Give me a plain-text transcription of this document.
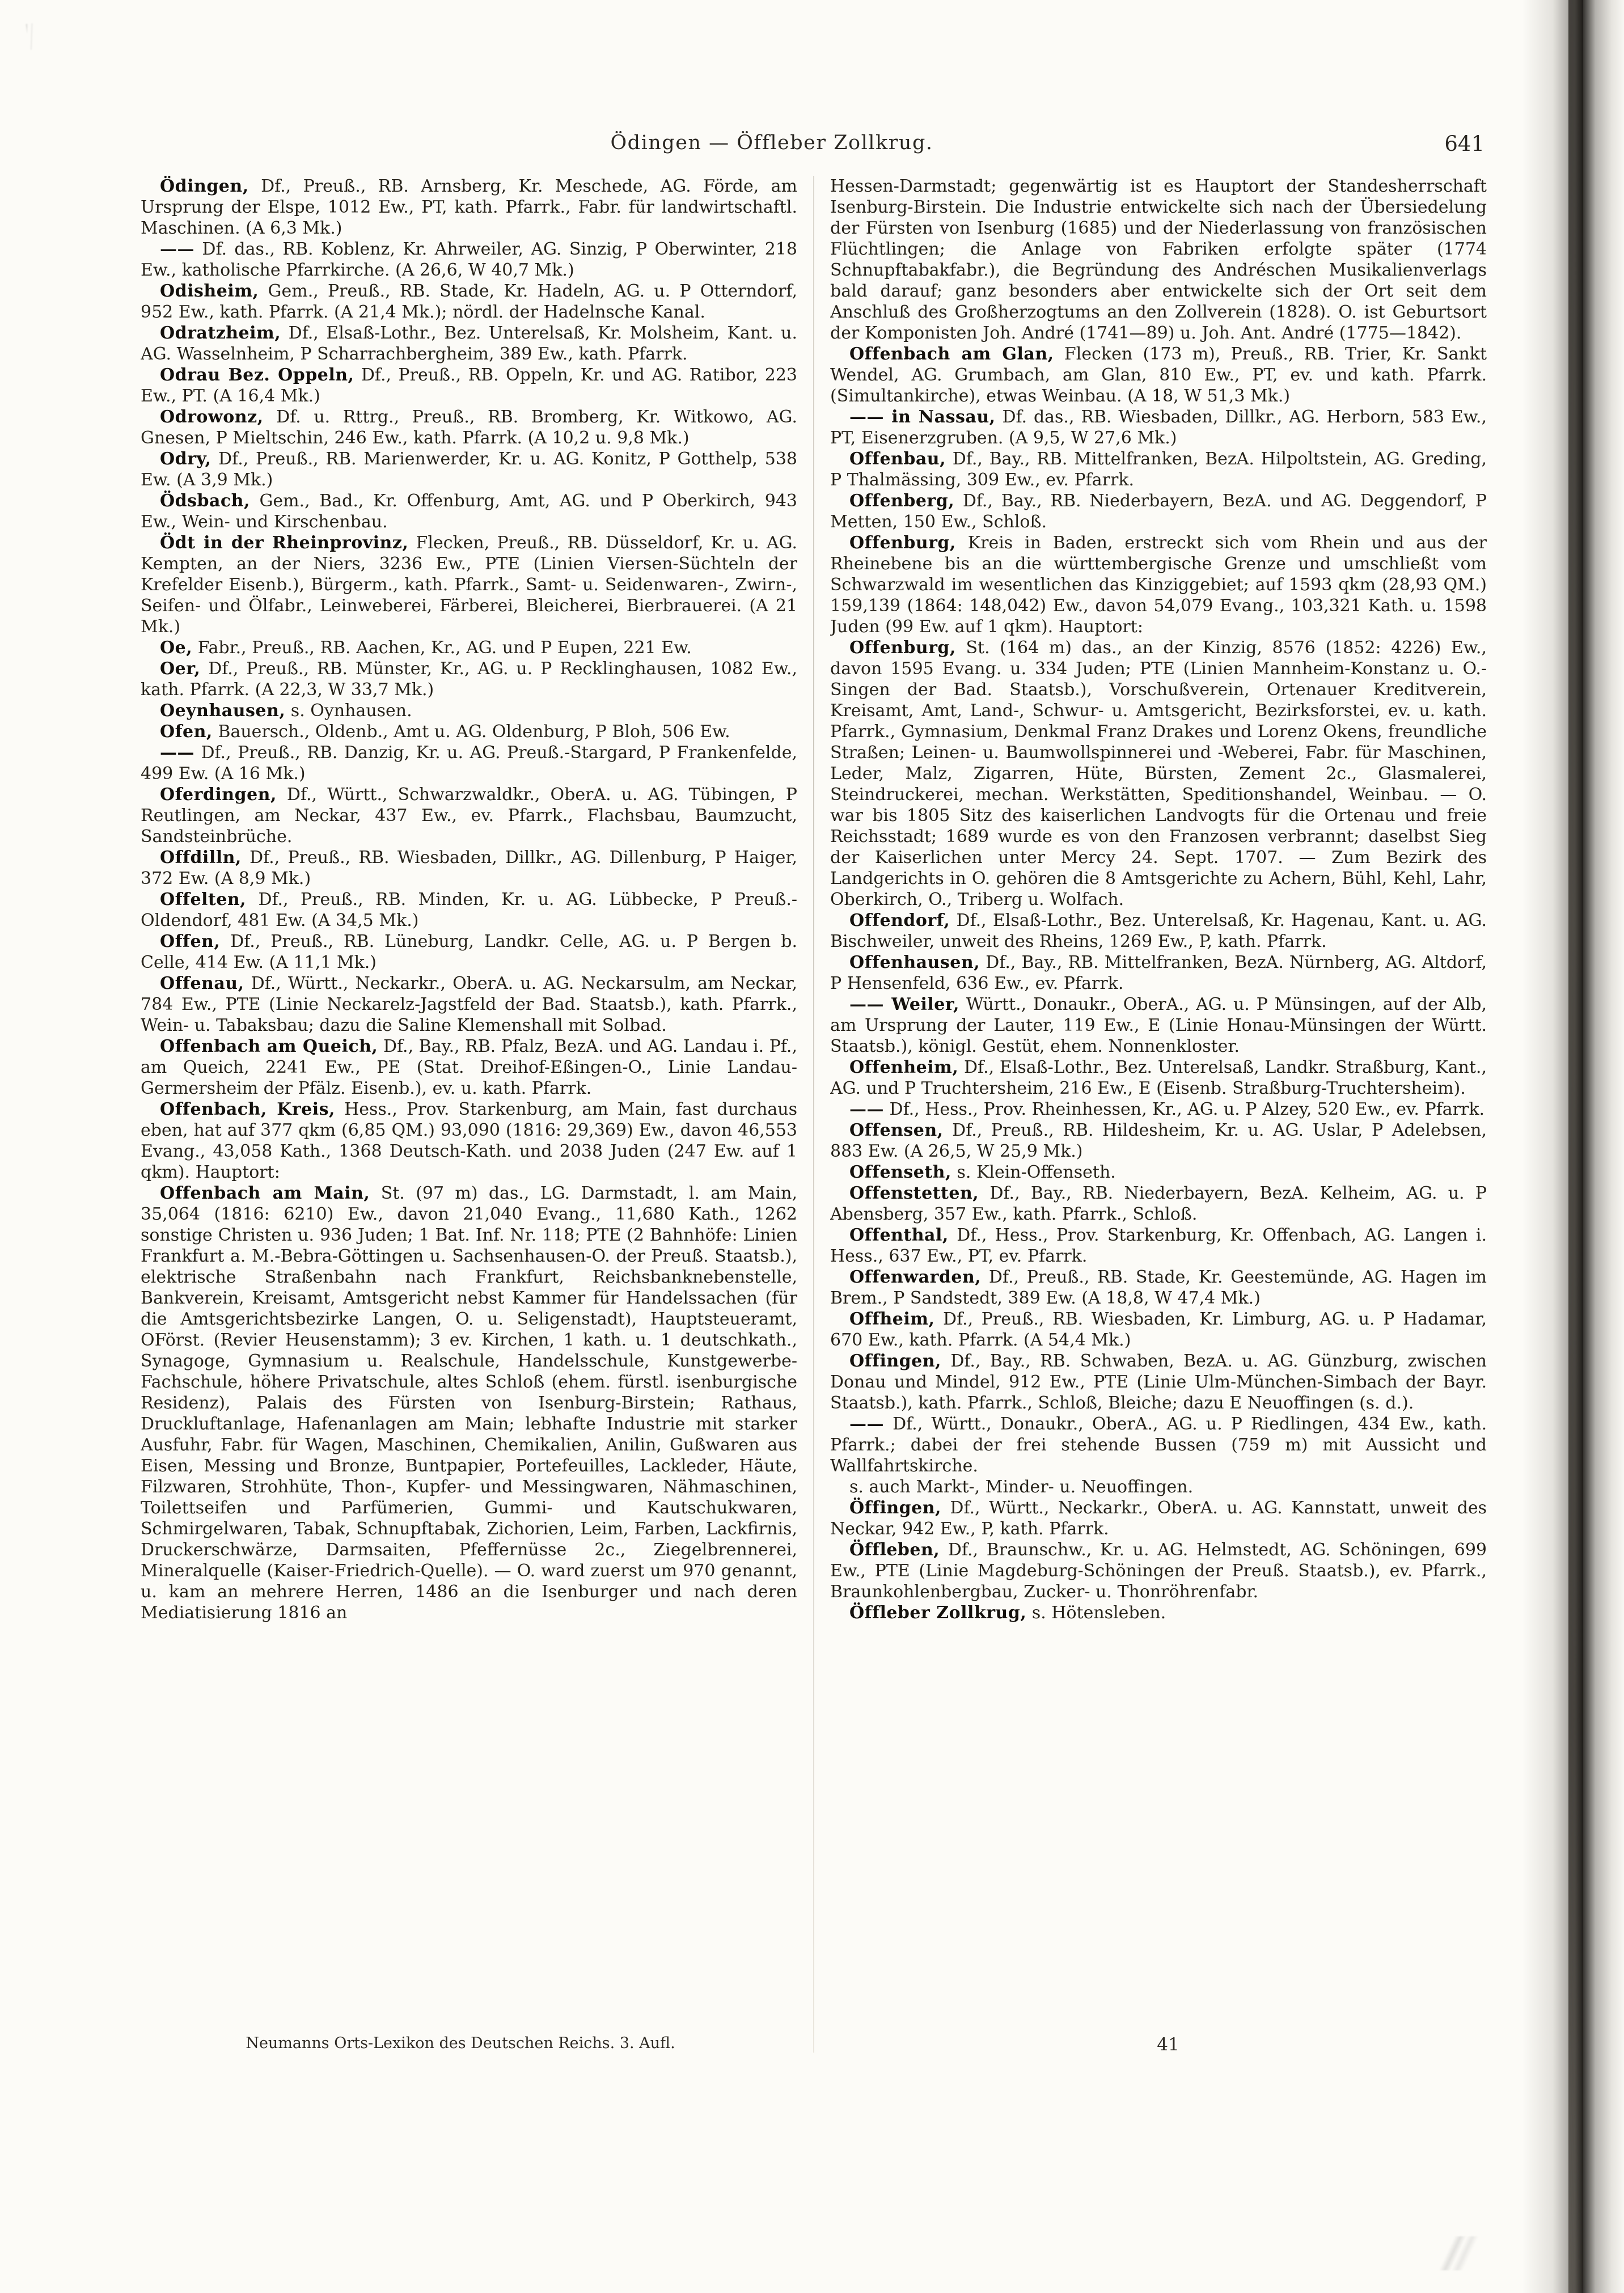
Ödingen — Öffleber Zollkrug.	641

Ödingen, Df., Preuß., RB. Arnsberg, Kr. Meschede, AG. Förde, am Ursprung der Elspe, 1012 Ew., PT, kath. Pfarrk., Fabr. für landwirtschaftl. Maschinen. (A 6,3 Mk.)

—— Df. das., RB. Koblenz, Kr. Ahrweiler, AG. Sinzig, P Oberwinter, 218 Ew., katholische Pfarrkirche. (A 26,6, W 40,7 Mk.)

Odisheim, Gem., Preuß., RB. Stade, Kr. Hadeln, AG. u. P Otterndorf, 952 Ew., kath. Pfarrk. (A 21,4 Mk.); nördl. der Hadelnsche Kanal.

Odratzheim, Df., Elsaß-Lothr., Bez. Unterelsaß, Kr. Molsheim, Kant. u. AG. Wasselnheim, P Scharrachbergheim, 389 Ew., kath. Pfarrk.

Odrau Bez. Oppeln, Df., Preuß., RB. Oppeln, Kr. und AG. Ratibor, 223 Ew., PT. (A 16,4 Mk.)

Odrowonz, Df. u. Rttrg., Preuß., RB. Bromberg, Kr. Witkowo, AG. Gnesen, P Mieltschin, 246 Ew., kath. Pfarrk. (A 10,2 u. 9,8 Mk.)

Odry, Df., Preuß., RB. Marienwerder, Kr. u. AG. Konitz, P Gotthelp, 538 Ew. (A 3,9 Mk.)

Ödsbach, Gem., Bad., Kr. Offenburg, Amt, AG. und P Oberkirch, 943 Ew., Wein- und Kirschenbau.

Ödt in der Rheinprovinz, Flecken, Preuß., RB. Düsseldorf, Kr. u. AG. Kempten, an der Niers, 3236 Ew., PTE (Linien Viersen-Süchteln der Krefelder Eisenb.), Bürgerm., kath. Pfarrk., Samt- u. Seidenwaren-, Zwirn-, Seifen- und Ölfabr., Leinweberei, Färberei, Bleicherei, Bierbrauerei. (A 21 Mk.)

Oe, Fabr., Preuß., RB. Aachen, Kr., AG. und P Eupen, 221 Ew.

Oer, Df., Preuß., RB. Münster, Kr., AG. u. P Recklinghausen, 1082 Ew., kath. Pfarrk. (A 22,3, W 33,7 Mk.)

Oeynhausen, s. Oynhausen.

Ofen, Bauersch., Oldenb., Amt u. AG. Oldenburg, P Bloh, 506 Ew.

—— Df., Preuß., RB. Danzig, Kr. u. AG. Preuß.-Stargard, P Frankenfelde, 499 Ew. (A 16 Mk.)

Oferdingen, Df., Württ., Schwarzwaldkr., OberA. u. AG. Tübingen, P Reutlingen, am Neckar, 437 Ew., ev. Pfarrk., Flachsbau, Baumzucht, Sandsteinbrüche.

Offdilln, Df., Preuß., RB. Wiesbaden, Dillkr., AG. Dillenburg, P Haiger, 372 Ew. (A 8,9 Mk.)

Offelten, Df., Preuß., RB. Minden, Kr. u. AG. Lübbecke, P Preuß.-Oldendorf, 481 Ew. (A 34,5 Mk.)

Offen, Df., Preuß., RB. Lüneburg, Landkr. Celle, AG. u. P Bergen b. Celle, 414 Ew. (A 11,1 Mk.)

Offenau, Df., Württ., Neckarkr., OberA. u. AG. Neckarsulm, am Neckar, 784 Ew., PTE (Linie Neckarelz-Jagstfeld der Bad. Staatsb.), kath. Pfarrk., Wein- u. Tabaksbau; dazu die Saline Klemenshall mit Solbad.

Offenbach am Queich, Df., Bay., RB. Pfalz, BezA. und AG. Landau i. Pf., am Queich, 2241 Ew., PE (Stat. Dreihof-Eßingen-O., Linie Landau-Germersheim der Pfälz. Eisenb.), ev. u. kath. Pfarrk.

Offenbach, Kreis, Hess., Prov. Starkenburg, am Main, fast durchaus eben, hat auf 377 qkm (6,85 QM.) 93,090 (1816: 29,369) Ew., davon 46,553 Evang., 43,058 Kath., 1368 Deutsch-Kath. und 2038 Juden (247 Ew. auf 1 qkm). Hauptort:

Offenbach am Main, St. (97 m) das., LG. Darmstadt, l. am Main, 35,064 (1816: 6210) Ew., davon 21,040 Evang., 11,680 Kath., 1262 sonstige Christen u. 936 Juden; 1 Bat. Inf. Nr. 118; PTE (2 Bahnhöfe: Linien Frankfurt a. M.-Bebra-Göttingen u. Sachsenhausen-O. der Preuß. Staatsb.), elektrische Straßenbahn nach Frankfurt, Reichsbanknebenstelle, Bankverein, Kreisamt, Amtsgericht nebst Kammer für Handelssachen (für die Amtsgerichtsbezirke Langen, O. u. Seligenstadt), Hauptsteueramt, OFörst. (Revier Heusenstamm); 3 ev. Kirchen, 1 kath. u. 1 deutschkath., Synagoge, Gymnasium u. Realschule, Handelsschule, Kunstgewerbe-Fachschule, höhere Privatschule, altes Schloß (ehem. fürstl. isenburgische Residenz), Palais des Fürsten von Isenburg-Birstein; Rathaus, Druckluftanlage, Hafenanlagen am Main; lebhafte Industrie mit starker Ausfuhr, Fabr. für Wagen, Maschinen, Chemikalien, Anilin, Gußwaren aus Eisen, Messing und Bronze, Buntpapier, Portefeuilles, Lackleder, Häute, Filzwaren, Strohhüte, Thon-, Kupfer- und Messingwaren, Nähmaschinen, Toilettseifen und Parfümerien, Gummi- und Kautschukwaren, Schmirgelwaren, Tabak, Schnupftabak, Zichorien, Leim, Farben, Lackfirnis, Druckerschwärze, Darmsaiten, Pfeffernüsse 2c., Ziegelbrennerei, Mineralquelle (Kaiser-Friedrich-Quelle). — O. ward zuerst um 970 genannt, u. kam an mehrere Herren, 1486 an die Isenburger und nach deren Mediatisierung 1816 an

Hessen-Darmstadt; gegenwärtig ist es Hauptort der Standesherrschaft Isenburg-Birstein. Die Industrie entwickelte sich nach der Übersiedelung der Fürsten von Isenburg (1685) und der Niederlassung von französischen Flüchtlingen; die Anlage von Fabriken erfolgte später (1774 Schnupftabakfabr.), die Begründung des Andréschen Musikalienverlags bald darauf; ganz besonders aber entwickelte sich der Ort seit dem Anschluß des Großherzogtums an den Zollverein (1828). O. ist Geburtsort der Komponisten Joh. André (1741—89) u. Joh. Ant. André (1775—1842).

Offenbach am Glan, Flecken (173 m), Preuß., RB. Trier, Kr. Sankt Wendel, AG. Grumbach, am Glan, 810 Ew., PT, ev. und kath. Pfarrk. (Simultankirche), etwas Weinbau. (A 18, W 51,3 Mk.)

—— in Nassau, Df. das., RB. Wiesbaden, Dillkr., AG. Herborn, 583 Ew., PT, Eisenerzgruben. (A 9,5, W 27,6 Mk.)

Offenbau, Df., Bay., RB. Mittelfranken, BezA. Hilpoltstein, AG. Greding, P Thalmässing, 309 Ew., ev. Pfarrk.

Offenberg, Df., Bay., RB. Niederbayern, BezA. und AG. Deggendorf, P Metten, 150 Ew., Schloß.

Offenburg, Kreis in Baden, erstreckt sich vom Rhein und aus der Rheinebene bis an die württembergische Grenze und umschließt vom Schwarzwald im wesentlichen das Kinziggebiet; auf 1593 qkm (28,93 QM.) 159,139 (1864: 148,042) Ew., davon 54,079 Evang., 103,321 Kath. u. 1598 Juden (99 Ew. auf 1 qkm). Hauptort:

Offenburg, St. (164 m) das., an der Kinzig, 8576 (1852: 4226) Ew., davon 1595 Evang. u. 334 Juden; PTE (Linien Mannheim-Konstanz u. O.-Singen der Bad. Staatsb.), Vorschußverein, Ortenauer Kreditverein, Kreisamt, Amt, Land-, Schwur- u. Amtsgericht, Bezirksforstei, ev. u. kath. Pfarrk., Gymnasium, Denkmal Franz Drakes und Lorenz Okens, freundliche Straßen; Leinen- u. Baumwollspinnerei und -Weberei, Fabr. für Maschinen, Leder, Malz, Zigarren, Hüte, Bürsten, Zement 2c., Glasmalerei, Steindruckerei, mechan. Werkstätten, Speditionshandel, Weinbau. — O. war bis 1805 Sitz des kaiserlichen Landvogts für die Ortenau und freie Reichsstadt; 1689 wurde es von den Franzosen verbrannt; daselbst Sieg der Kaiserlichen unter Mercy 24. Sept. 1707. — Zum Bezirk des Landgerichts in O. gehören die 8 Amtsgerichte zu Achern, Bühl, Kehl, Lahr, Oberkirch, O., Triberg u. Wolfach.

Offendorf, Df., Elsaß-Lothr., Bez. Unterelsaß, Kr. Hagenau, Kant. u. AG. Bischweiler, unweit des Rheins, 1269 Ew., P, kath. Pfarrk.

Offenhausen, Df., Bay., RB. Mittelfranken, BezA. Nürnberg, AG. Altdorf, P Hensenfeld, 636 Ew., ev. Pfarrk.

—— Weiler, Württ., Donaukr., OberA., AG. u. P Münsingen, auf der Alb, am Ursprung der Lauter, 119 Ew., E (Linie Honau-Münsingen der Württ. Staatsb.), königl. Gestüt, ehem. Nonnenkloster.

Offenheim, Df., Elsaß-Lothr., Bez. Unterelsaß, Landkr. Straßburg, Kant., AG. und P Truchtersheim, 216 Ew., E (Eisenb. Straßburg-Truchtersheim).

—— Df., Hess., Prov. Rheinhessen, Kr., AG. u. P Alzey, 520 Ew., ev. Pfarrk.

Offensen, Df., Preuß., RB. Hildesheim, Kr. u. AG. Uslar, P Adelebsen, 883 Ew. (A 26,5, W 25,9 Mk.)

Offenseth, s. Klein-Offenseth.

Offenstetten, Df., Bay., RB. Niederbayern, BezA. Kelheim, AG. u. P Abensberg, 357 Ew., kath. Pfarrk., Schloß.

Offenthal, Df., Hess., Prov. Starkenburg, Kr. Offenbach, AG. Langen i. Hess., 637 Ew., PT, ev. Pfarrk.

Offenwarden, Df., Preuß., RB. Stade, Kr. Geestemünde, AG. Hagen im Brem., P Sandstedt, 389 Ew. (A 18,8, W 47,4 Mk.)

Offheim, Df., Preuß., RB. Wiesbaden, Kr. Limburg, AG. u. P Hadamar, 670 Ew., kath. Pfarrk. (A 54,4 Mk.)

Offingen, Df., Bay., RB. Schwaben, BezA. u. AG. Günzburg, zwischen Donau und Mindel, 912 Ew., PTE (Linie Ulm-München-Simbach der Bayr. Staatsb.), kath. Pfarrk., Schloß, Bleiche; dazu E Neuoffingen (s. d.).

—— Df., Württ., Donaukr., OberA., AG. u. P Riedlingen, 434 Ew., kath. Pfarrk.; dabei der frei stehende Bussen (759 m) mit Aussicht und Wallfahrtskirche.

s. auch Markt-, Minder- u. Neuoffingen.

Öffingen, Df., Württ., Neckarkr., OberA. u. AG. Kannstatt, unweit des Neckar, 942 Ew., P, kath. Pfarrk.

Öffleben, Df., Braunschw., Kr. u. AG. Helmstedt, AG. Schöningen, 699 Ew., PTE (Linie Magdeburg-Schöningen der Preuß. Staatsb.), ev. Pfarrk., Braunkohlenbergbau, Zucker- u. Thonröhrenfabr.

Öffleber Zollkrug, s. Hötensleben.

Neumanns Orts-Lexikon des Deutschen Reichs. 3. Aufl.	41
